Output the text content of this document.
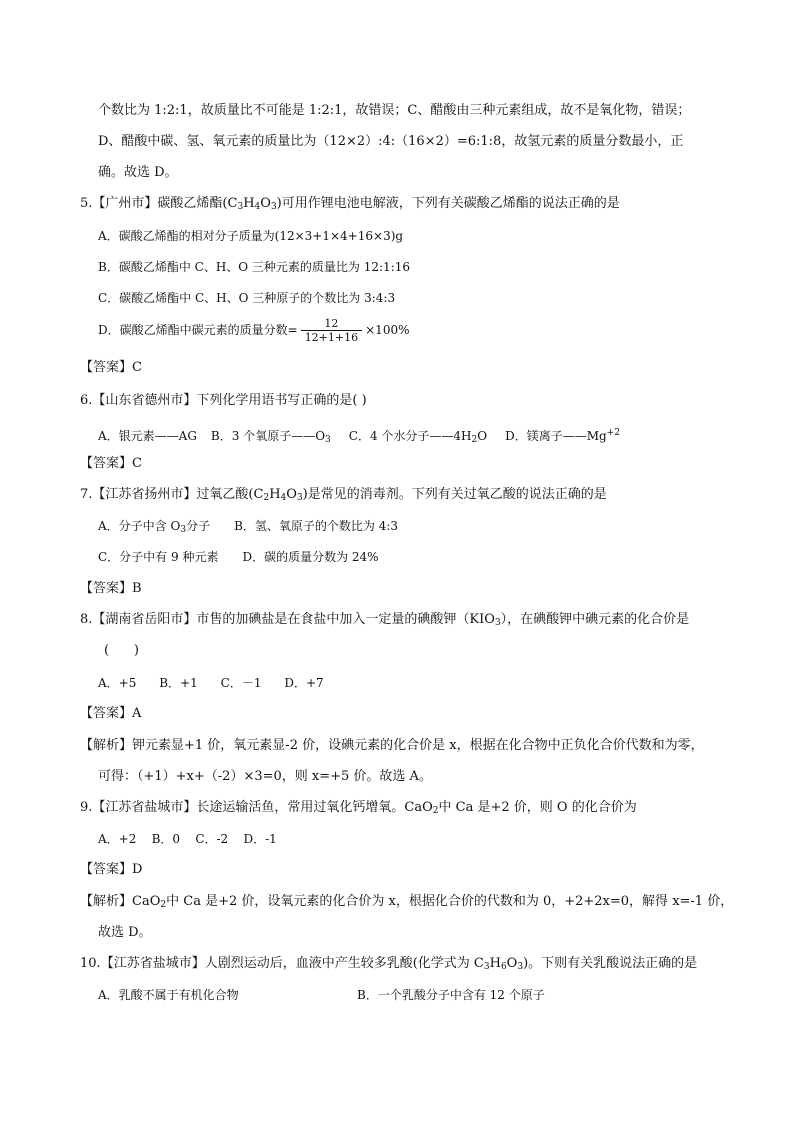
个数比为 1:2:1，故质量比不可能是 1:2:1，故错误；C、醋酸由三种元素组成，故不是氧化物，错误；
D、醋酸中碳、氢、氧元素的质量比为（12×2）:4:（16×2）=6:1:8，故氢元素的质量分数最小，正
确。故选 D。
5.【广州市】碳酸乙烯酯$(C_3H_4O_3)$可用作锂电池电解液，下列有关碳酸乙烯酯的说法正确的是
A．碳酸乙烯酯的相对分子质量为(12×3+1×4+16×3)g
B．碳酸乙烯酯中 C、H、O 三种元素的质量比为 12:1:16
C．碳酸乙烯酯中 C、H、O 三种原子的个数比为 3:4:3
D．碳酸乙烯酯中碳元素的质量分数= $\frac{12}{12+1+16} \times 100\%$
【答案】C
6.【山东省德州市】下列化学用语书写正确的是( )
A．银元素——AG B．3 个氧原子$——O_3$ C．4 个水分子$——4H_2O$ D．镁离子$——Mg^{+2}$
【答案】C
7.【江苏省扬州市】过氧乙酸$(C_2H_4O_3)$是常见的消毒剂。下列有关过氧乙酸的说法正确的是
A．分子中含 $O_3$分子 B．氢、氧原子的个数比为 4:3
C．分子中有 9 种元素 D．碳的质量分数为 24%
【答案】B
8.【湖南省岳阳市】市售的加碘盐是在食盐中加入一定量的碘酸钾$(KIO_3)$，在碘酸钾中碘元素的化合价是
(      )
A．+5      B．+1      C．－1      D．+7
【答案】A
【解析】钾元素显+1 价，氧元素显-2 价，设碘元素的化合价是 x，根据在化合物中正负化合价代数和为零，
可得：（+1）+x+（-2）×3=0，则 x=+5 价。故选 A。
9.【江苏省盐城市】长途运输活鱼，常用过氧化钙增氧。CaO$_2$中 Ca 是+2 价，则 O 的化合价为
A．+2    B．0    C．-2    D．-1
【答案】D
【解析】CaO$_2$中 Ca 是+2 价，设氧元素的化合价为 x，根据化合价的代数和为 0，+2+2x=0，解得 x=-1 价，
故选 D。
10.【江苏省盐城市】人剧烈运动后，血液中产生较多乳酸(化学式为 $C_3H_6O_3$)。下则有关乳酸说法正确的是
A．乳酸不属于有机化合物	B．一个乳酸分子中含有 12 个原子
